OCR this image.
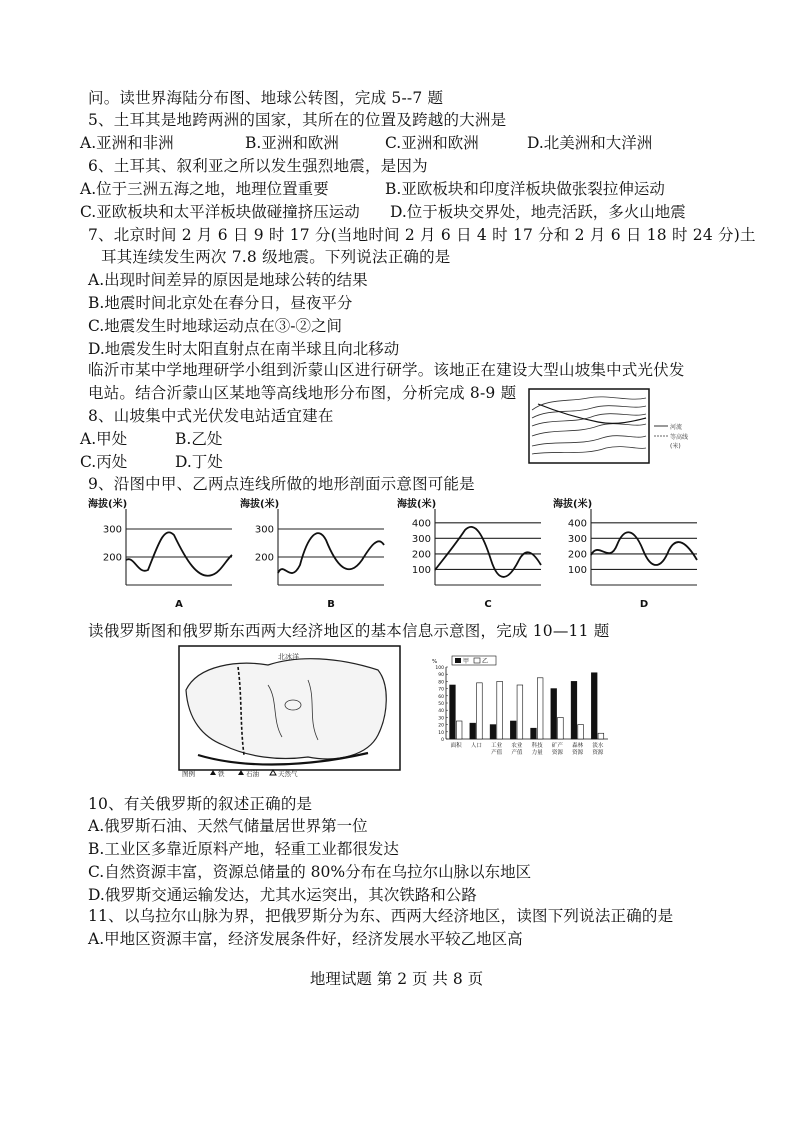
问。读世界海陆分布图、地球公转图，完成 5--7 题
5、土耳其是地跨两洲的国家，其所在的位置及跨越的大洲是
A.亚洲和非洲	B.亚洲和欧洲	C.亚洲和欧洲	D.北美洲和大洋洲
6、土耳其、叙利亚之所以发生强烈地震，是因为
A.位于三洲五海之地，地理位置重要	B.亚欧板块和印度洋板块做张裂拉伸运动
C.亚欧板块和太平洋板块做碰撞挤压运动 D.位于板块交界处，地壳活跃，多火山地震
7、北京时间 2 月 6 日 9 时 17 分(当地时间 2 月 6 日 4 时 17 分和 2 月 6 日 18 时 24 分)土
耳其连续发生两次 7.8 级地震。下列说法正确的是
A.出现时间差异的原因是地球公转的结果
B.地震时间北京处在春分日，昼夜平分
C.地震发生时地球运动点在③-②之间
D.地震发生时太阳直射点在南半球且向北移动
临沂市某中学地理研学小组到沂蒙山区进行研学。该地正在建设大型山坡集中式光伏发
电站。结合沂蒙山区某地等高线地形分布图，分析完成 8-9 题
8、山坡集中式光伏发电站适宜建在
A.甲处	B.乙处
C.丙处	D.丁处
河流
等高线
(米)
9、沿图中甲、乙两点连线所做的地形剖面示意图可能是
海拔(米)
300
200
A
海拔(米)
300
200
B
海拔(米)
400
300
200
100
C
海拔(米)
400
300
200
100
D
读俄罗斯图和俄罗斯东西两大经济地区的基本信息示意图，完成 10—11 题
北冰洋
图例	铁	石油	天然气
%
100
90
80
70
60
50
40
30
20
10
0
甲 乙
面积 人口 工业
产值
农业
产值
科技
力量
矿产
资源
森林
资源
淡水
资源
10、有关俄罗斯的叙述正确的是
A.俄罗斯石油、天然气储量居世界第一位
B.工业区多靠近原料产地，轻重工业都很发达
C.自然资源丰富，资源总储量的 80%分布在乌拉尔山脉以东地区
D.俄罗斯交通运输发达，尤其水运突出，其次铁路和公路
11、以乌拉尔山脉为界，把俄罗斯分为东、西两大经济地区，读图下列说法正确的是
A.甲地区资源丰富，经济发展条件好，经济发展水平较乙地区高
地理试题 第 2 页 共 8 页
